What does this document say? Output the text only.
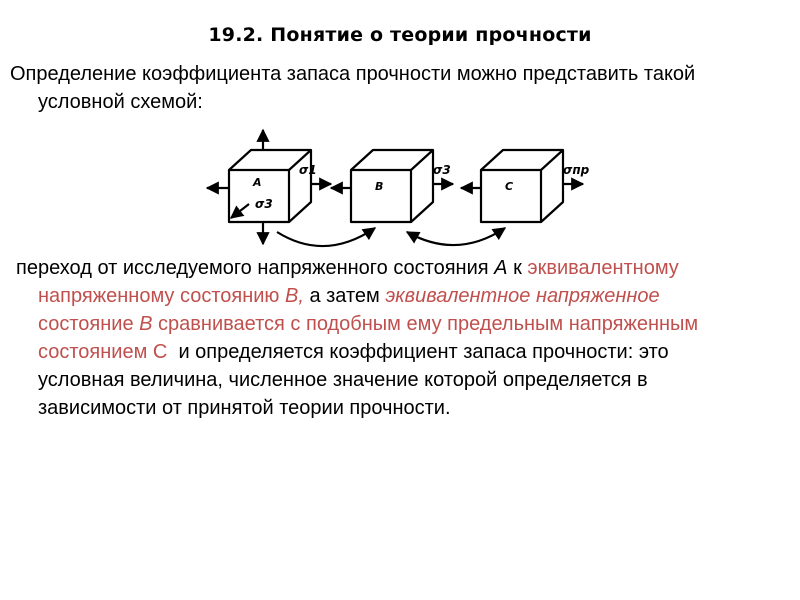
19.2. Понятие о теории прочности
Определение коэффициента запаса прочности можно представить такой
условной схемой:
A	B	C
σ1
σ3
σ3	σпр
переход от исследуемого напряженного состояния А к эквивалентному
напряженному состоянию В, а затем эквивалентное напряженное
состояние В сравнивается с подобным ему предельным напряженным
состоянием С  и определяется коэффициент запаса прочности: это
условная величина, численное значение которой определяется в
зависимости от принятой теории прочности.
